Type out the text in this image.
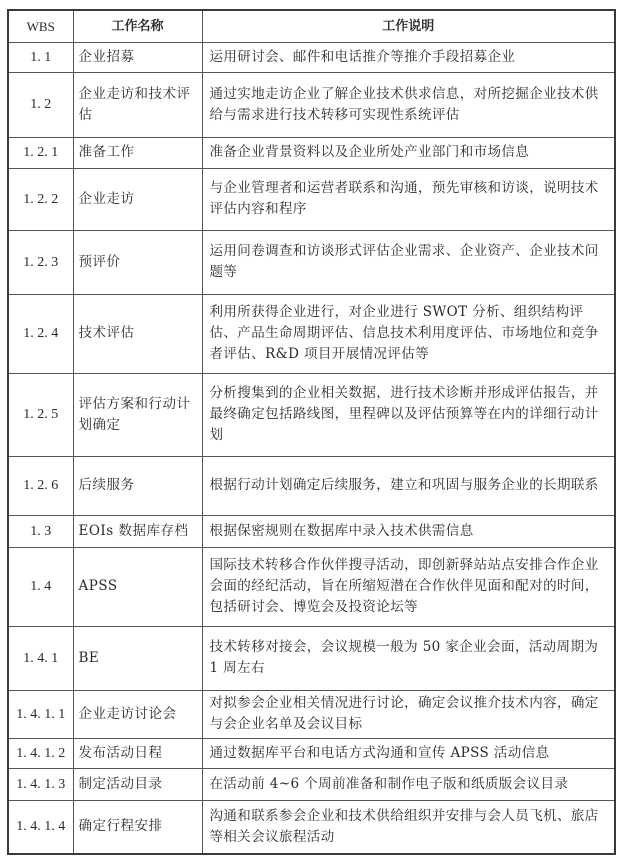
WBS	工作名称	工作说明
1. 1	企业招募	运用研讨会、邮件和电话推介等推介手段招募企业
1. 2	企业走访和技术评估	通过实地走访企业了解企业技术供求信息，对所挖掘企业技术供给与需求进行技术转移可实现性系统评估
1. 2. 1	准备工作	准备企业背景资料以及企业所处产业部门和市场信息
1. 2. 2	企业走访	与企业管理者和运营者联系和沟通，预先审核和访谈，说明技术评估内容和程序
1. 2. 3	预评价	运用问卷调查和访谈形式评估企业需求、企业资产、企业技术问题等
1. 2. 4	技术评估	利用所获得企业进行，对企业进行 SWOT 分析、组织结构评估、产品生命周期评估、信息技术利用度评估、市场地位和竞争者评估、R&D 项目开展情况评估等
1. 2. 5	评估方案和行动计划确定	分析搜集到的企业相关数据，进行技术诊断并形成评估报告，并最终确定包括路线图，里程碑以及评估预算等在内的详细行动计划
1. 2. 6	后续服务	根据行动计划确定后续服务，建立和巩固与服务企业的长期联系
1. 3	EOIs 数据库存档	根据保密规则在数据库中录入技术供需信息
1. 4	APSS	国际技术转移合作伙伴搜寻活动，即创新驿站站点安排合作企业会面的经纪活动，旨在所缩短潜在合作伙伴见面和配对的时间，包括研讨会、博览会及投资论坛等
1. 4. 1	BE	技术转移对接会，会议规模一般为 50 家企业会面，活动周期为 1 周左右
1. 4. 1. 1	企业走访讨论会	对拟参会企业相关情况进行讨论，确定会议推介技术内容，确定与会企业名单及会议目标
1. 4. 1. 2	发布活动日程	通过数据库平台和电话方式沟通和宣传 APSS 活动信息
1. 4. 1. 3	制定活动目录	在活动前 4~6 个周前准备和制作电子版和纸质版会议目录
1. 4. 1. 4	确定行程安排	沟通和联系参会企业和技术供给组织并安排与会人员飞机、旅店等相关会议旅程活动
